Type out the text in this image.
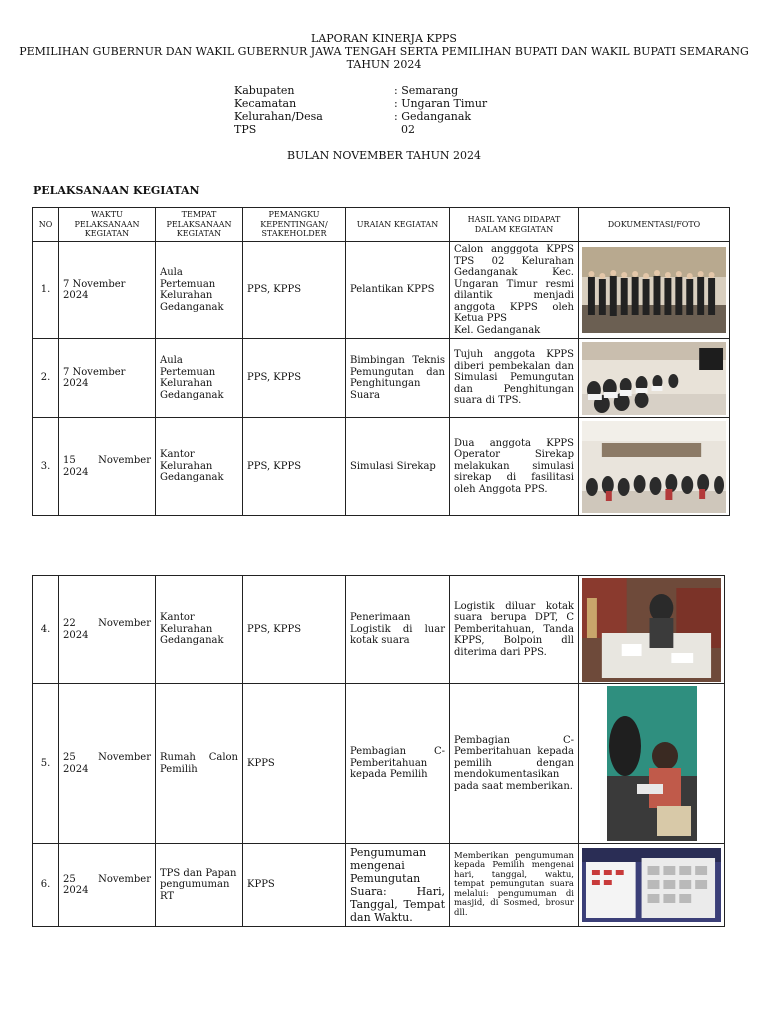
LAPORAN KINERJA KPPS
PEMILIHAN GUBERNUR DAN WAKIL GUBERNUR JAWA TENGAH SERTA PEMILIHAN BUPATI DAN WAKIL BUPATI SEMARANG
TAHUN 2024
Kabupaten	: Semarang
Kecamatan	: Ungaran Timur
Kelurahan/Desa	: Gedanganak
TPS	02
BULAN NOVEMBER TAHUN 2024
PELAKSANAAN KEGIATAN
NO	WAKTU PELAKSANAAN KEGIATAN	TEMPAT PELAKSANAAN KEGIATAN	PEMANGKU KEPENTINGAN/ STAKEHOLDER	URAIAN KEGIATAN	HASIL YANG DIDAPAT DALAM KEGIATAN	DOKUMENTASI/FOTO
1.	7 November 2024	Aula Pertemuan Kelurahan Gedanganak	PPS, KPPS	Pelantikan KPPS	Calon angggota KPPS TPS 02 Kelurahan Gedanganak Kec. Ungaran Timur resmi dilantik menjadi anggota KPPS oleh Ketua PPS
Kel. Gedanganak

2.	7 November 2024	Aula Pertemuan Kelurahan Gedanganak	PPS, KPPS	Bimbingan Teknis Pemungutan dan Penghitungan Suara	Tujuh anggota KPPS diberi pembekalan dan Simulasi Pemungutan dan Penghitungan suara di TPS.	

3.	15 November
2024	Kantor Kelurahan Gedanganak	PPS, KPPS	Simulasi Sirekap	Dua anggota KPPS Operator Sirekap melakukan simulasi sirekap di fasilitasi oleh Anggota PPS.	
4.	22 November
2024	Kantor Kelurahan Gedanganak	PPS, KPPS	Penerimaan Logistik di luar kotak suara	Logistik diluar kotak suara berupa DPT, C Pemberitahuan, Tanda KPPS, Bolpoin dll diterima dari PPS.	

5.	25 November
2024	Rumah Calon Pemilih	KPPS	Pembagian C-Pemberitahuan kepada Pemilih	Pembagian C-Pemberitahuan kepada pemilih dengan mendokumentasikan pada saat memberikan.	

6.	25 November
2024	TPS dan Papan pengumuman RT	KPPS	Pengumuman mengenai Pemungutan Suara: Hari, Tanggal, Tempat dan Waktu.	Memberikan pengumuman kepada Pemilih mengenai hari, tanggal, waktu, tempat pemungutan suara melalui: pengumuman di masjid, di Sosmed, brosur dll.	
